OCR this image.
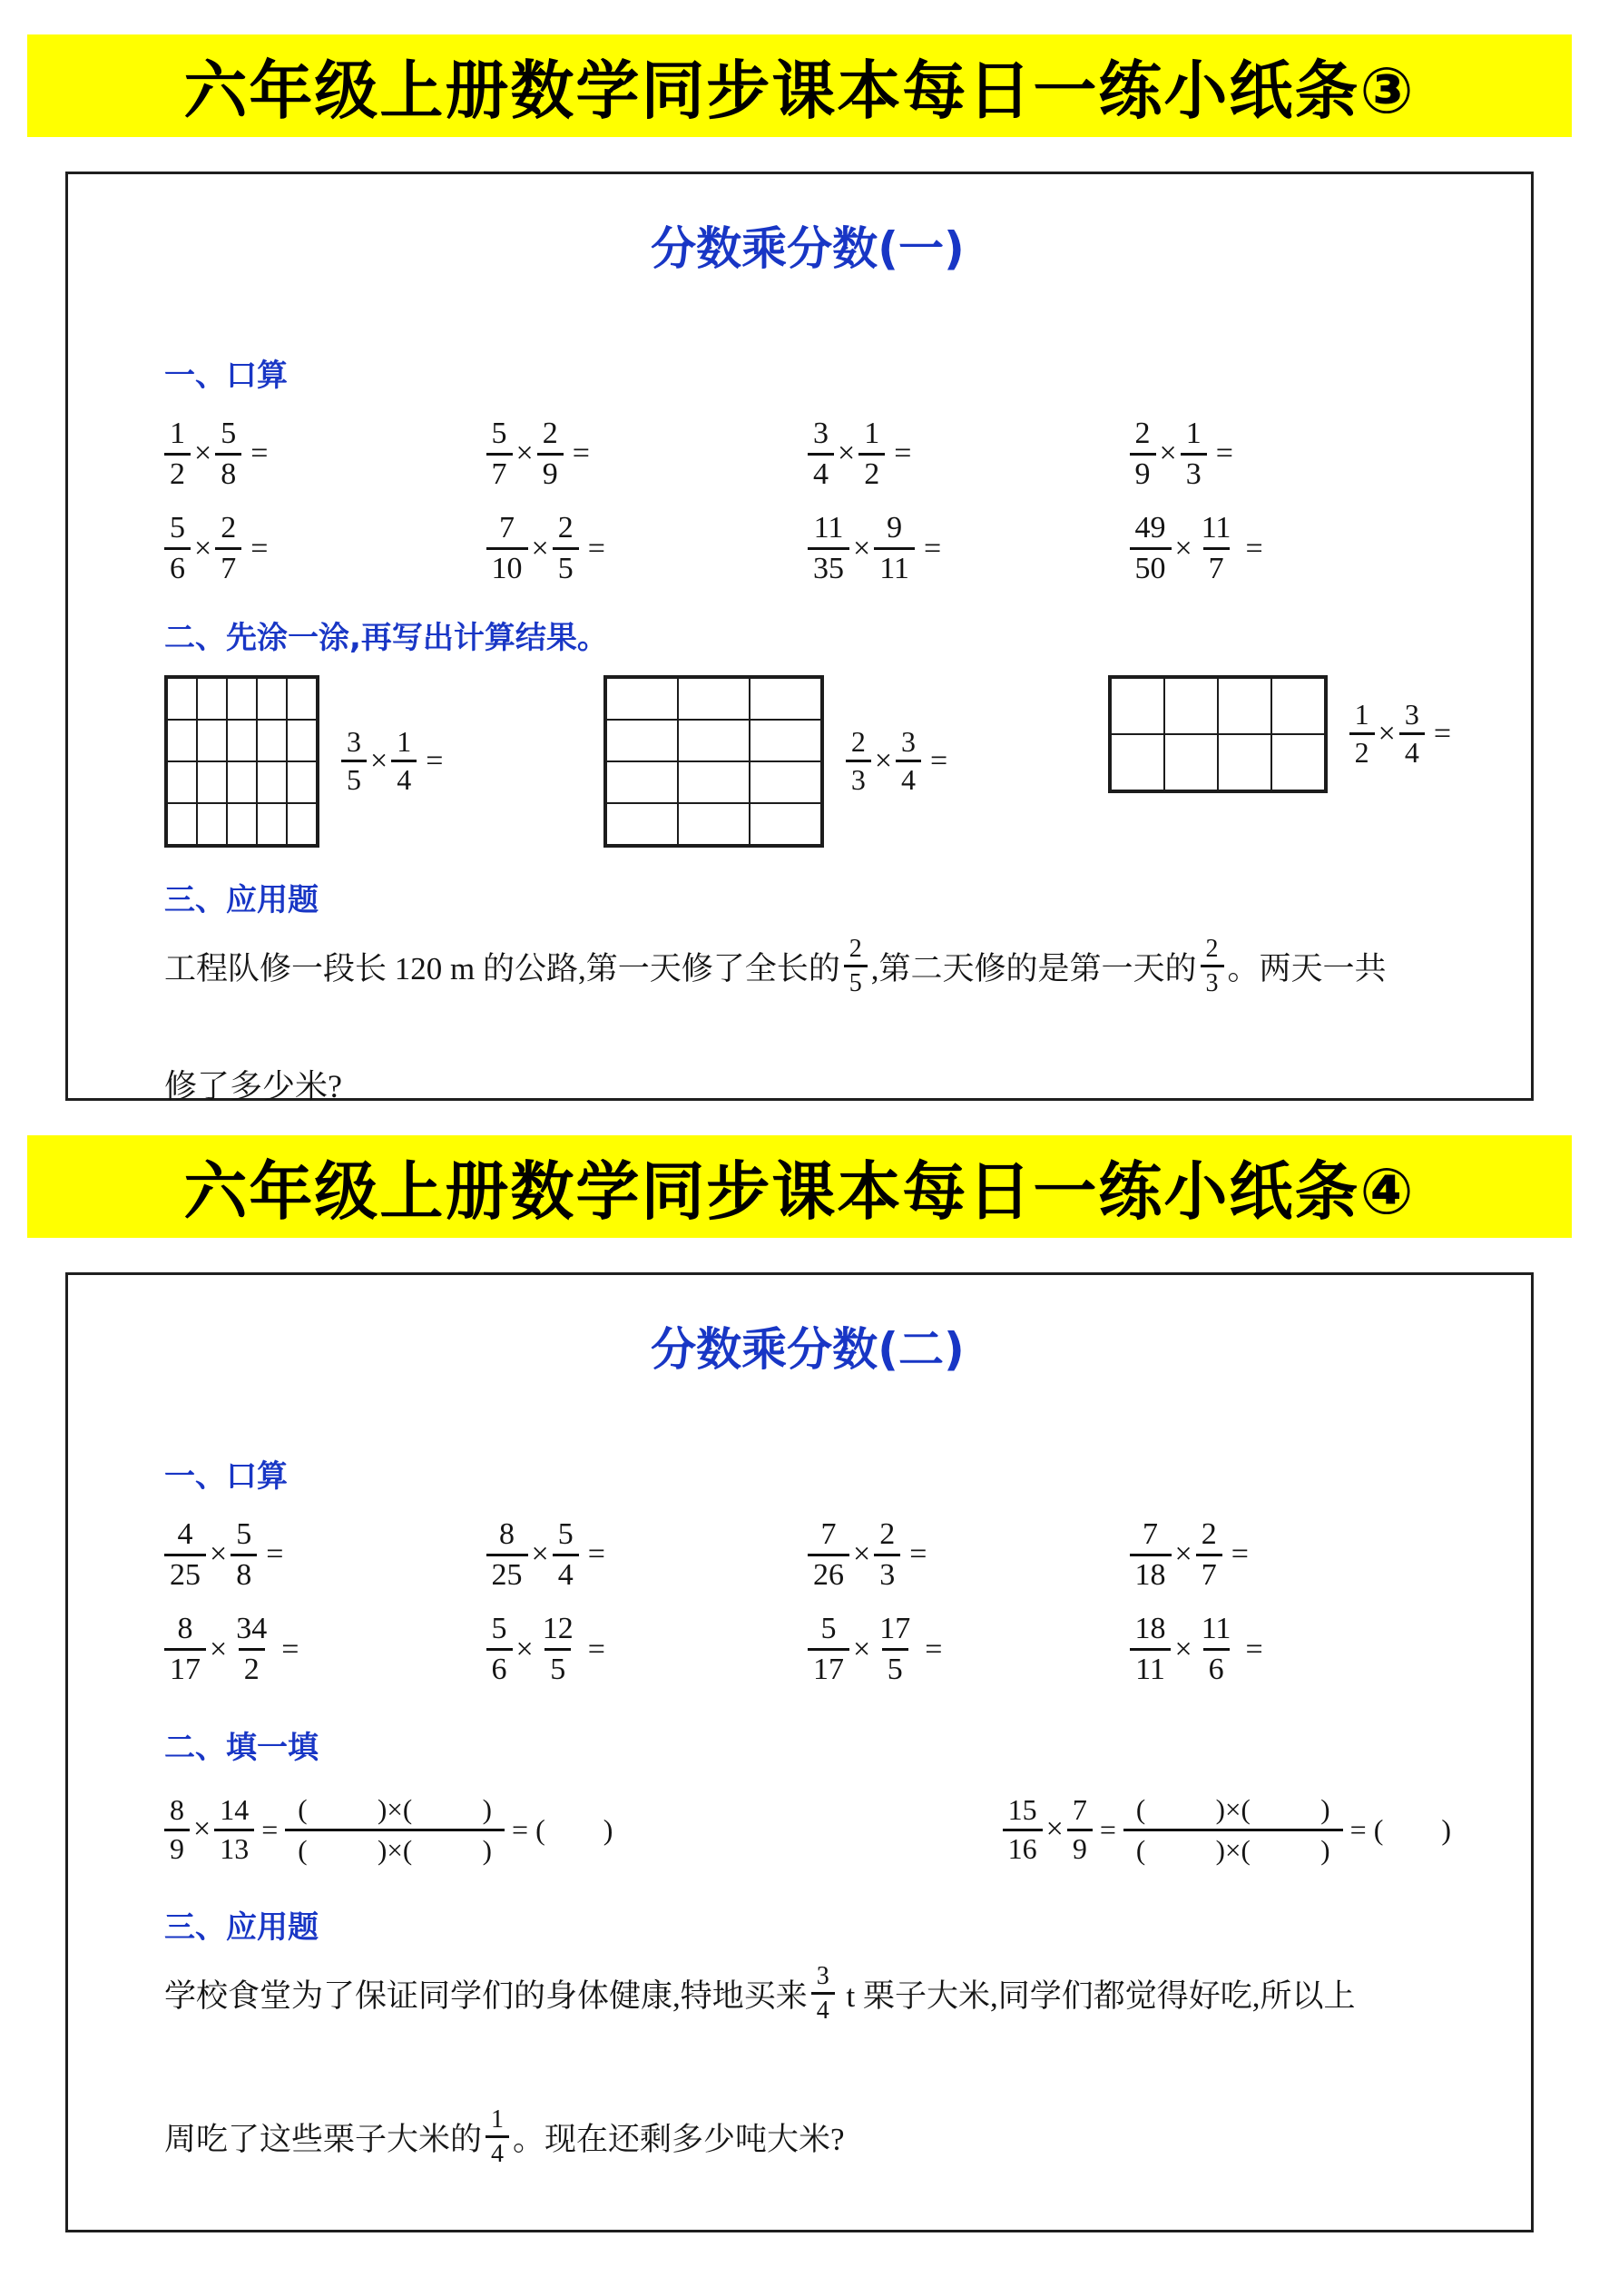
六年级上册数学同步课本每日一练小纸条③
分数乘分数(一)
一、口算
$\frac{1}{2} \times \frac{5}{8}$ =	$\frac{5}{7} \times \frac{2}{9}$ =	$\frac{3}{4} \times \frac{1}{2}$ =	$\frac{2}{9} \times \frac{1}{3}$ =
$\frac{5}{6} \times \frac{2}{7}$ =	$\frac{7}{10} \times \frac{2}{5}$ =	$\frac{11}{35} \times \frac{9}{11}$ =	$\frac{49}{50} \times \frac{11}{7}$ =
二、先涂一涂,再写出计算结果。
$\frac{3}{5} \times \frac{1}{4}$ =	$\frac{2}{3} \times \frac{3}{4}$ =	$\frac{1}{2} \times \frac{3}{4}$ =
三、应用题
工程队修一段长 120 m 的公路,第一天修了全长的 $\frac{2}{5}$ ,第二天修的是第一天的 $\frac{2}{3}$ 。两天一共
修了多少米?
六年级上册数学同步课本每日一练小纸条④
分数乘分数(二)
一、口算
$\frac{4}{25} \times \frac{5}{8}$ =	$\frac{8}{25} \times \frac{5}{4}$ =	$\frac{7}{26} \times \frac{2}{3}$ =	$\frac{7}{18} \times \frac{2}{7}$ =
$\frac{8}{17} \times \frac{34}{2}$ =	$\frac{5}{6} \times \frac{12}{5}$ =	$\frac{5}{17} \times \frac{17}{5}$ =	$\frac{18}{11} \times \frac{11}{6}$ =
二、填一填
$\frac{8}{9} \times \frac{14}{13}$ =
(          )×(          )
(          )×(          )
= (        )	$\frac{15}{16} \times \frac{7}{9}$ =
(          )×(          )
(          )×(          )
= (        )
三、应用题
学校食堂为了保证同学们的身体健康,特地买来 $\frac{3}{4}$ t 栗子大米,同学们都觉得好吃,所以上
周吃了这些栗子大米的 $\frac{1}{4}$ 。现在还剩多少吨大米?
